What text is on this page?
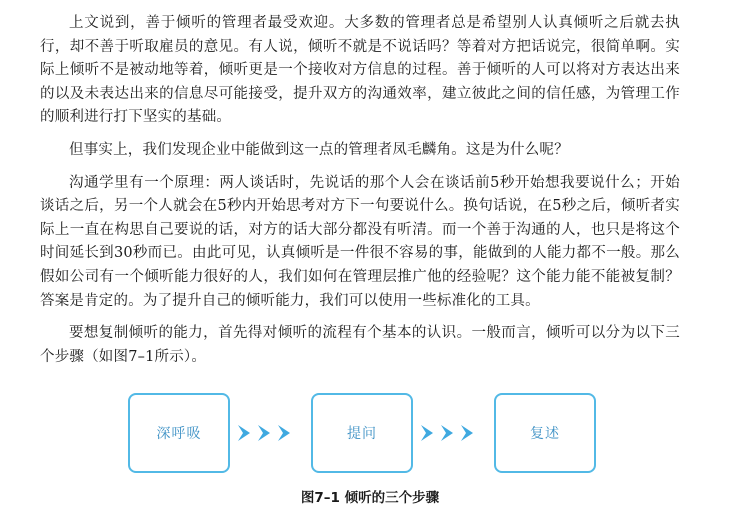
上文说到，善于倾听的管理者最受欢迎。大多数的管理者总是希望别人认真倾听之后就去执行，却不善于听取雇员的意见。有人说，倾听不就是不说话吗？等着对方把话说完，很简单啊。实际上倾听不是被动地等着，倾听更是一个接收对方信息的过程。善于倾听的人可以将对方表达出来的以及未表达出来的信息尽可能接受，提升双方的沟通效率，建立彼此之间的信任感，为管理工作的顺利进行打下坚实的基础。

但事实上，我们发现企业中能做到这一点的管理者凤毛麟角。这是为什么呢？

沟通学里有一个原理：两人谈话时，先说话的那个人会在谈话前5秒开始想我要说什么；开始谈话之后，另一个人就会在5秒内开始思考对方下一句要说什么。换句话说，在5秒之后，倾听者实际上一直在构思自己要说的话，对方的话大部分都没有听清。而一个善于沟通的人，也只是将这个时间延长到30秒而已。由此可见，认真倾听是一件很不容易的事，能做到的人能力都不一般。那么假如公司有一个倾听能力很好的人，我们如何在管理层推广他的经验呢？这个能力能不能被复制？答案是肯定的。为了提升自己的倾听能力，我们可以使用一些标准化的工具。

要想复制倾听的能力，首先得对倾听的流程有个基本的认识。一般而言，倾听可以分为以下三个步骤（如图7–1所示）。

深呼吸	提问	复述
图7–1 倾听的三个步骤
